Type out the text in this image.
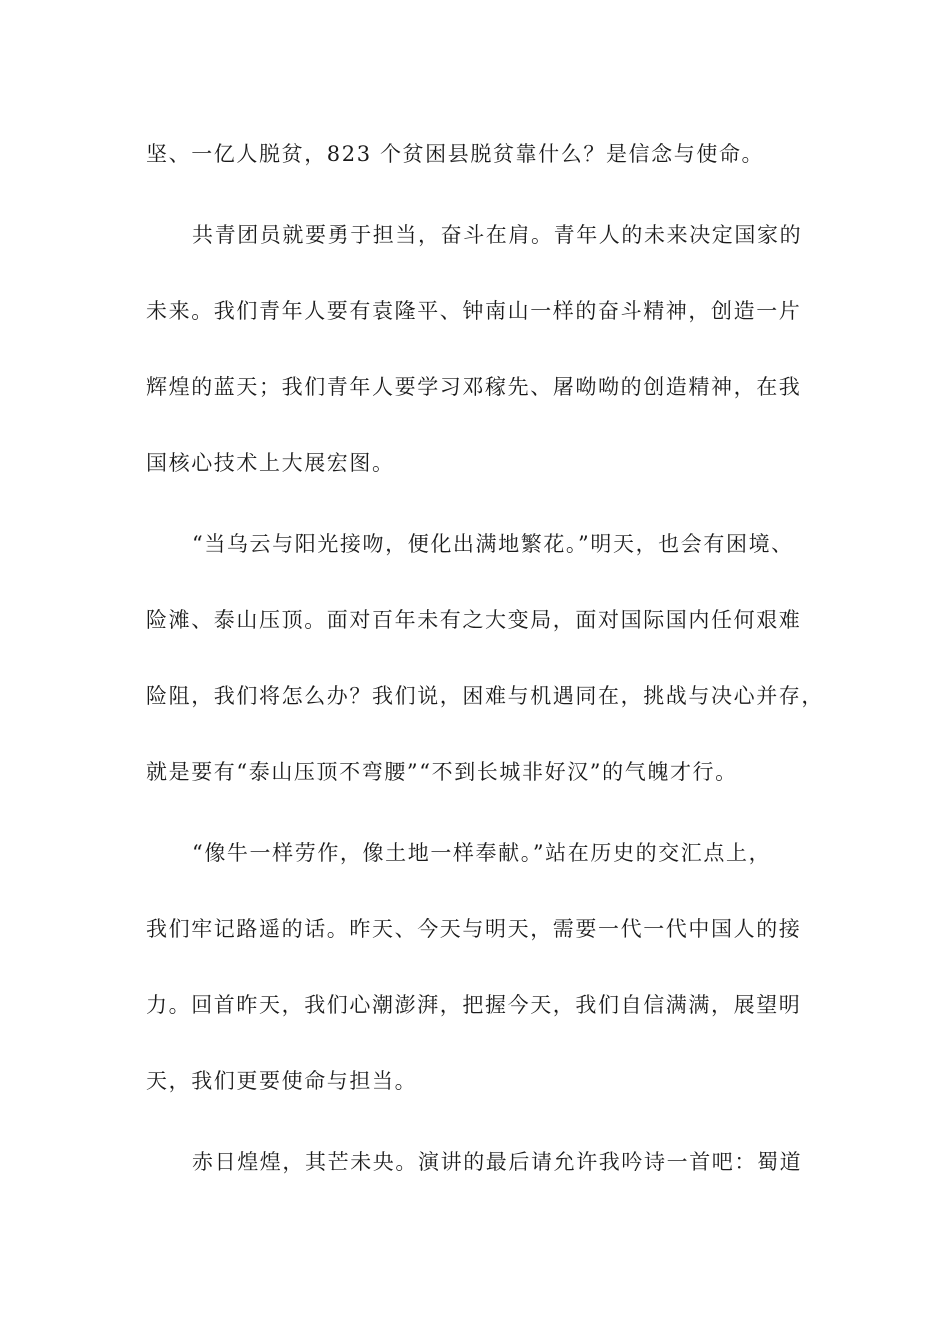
坚、一亿人脱贫，823 个贫困县脱贫靠什么？是信念与使命。
共青团员就要勇于担当，奋斗在肩。青年人的未来决定国家的
未来。我们青年人要有袁隆平、钟南山一样的奋斗精神，创造一片
辉煌的蓝天；我们青年人要学习邓稼先、屠呦呦的创造精神，在我
国核心技术上大展宏图。
“当乌云与阳光接吻，便化出满地繁花。”明天，也会有困境、
险滩、泰山压顶。面对百年未有之大变局，面对国际国内任何艰难
险阻，我们将怎么办？我们说，困难与机遇同在，挑战与决心并存，
就是要有“泰山压顶不弯腰”“不到长城非好汉”的气魄才行。
“像牛一样劳作，像土地一样奉献。”站在历史的交汇点上，
我们牢记路遥的话。昨天、今天与明天，需要一代一代中国人的接
力。回首昨天，我们心潮澎湃，把握今天，我们自信满满，展望明
天，我们更要使命与担当。
赤日煌煌，其芒未央。演讲的最后请允许我吟诗一首吧：蜀道
